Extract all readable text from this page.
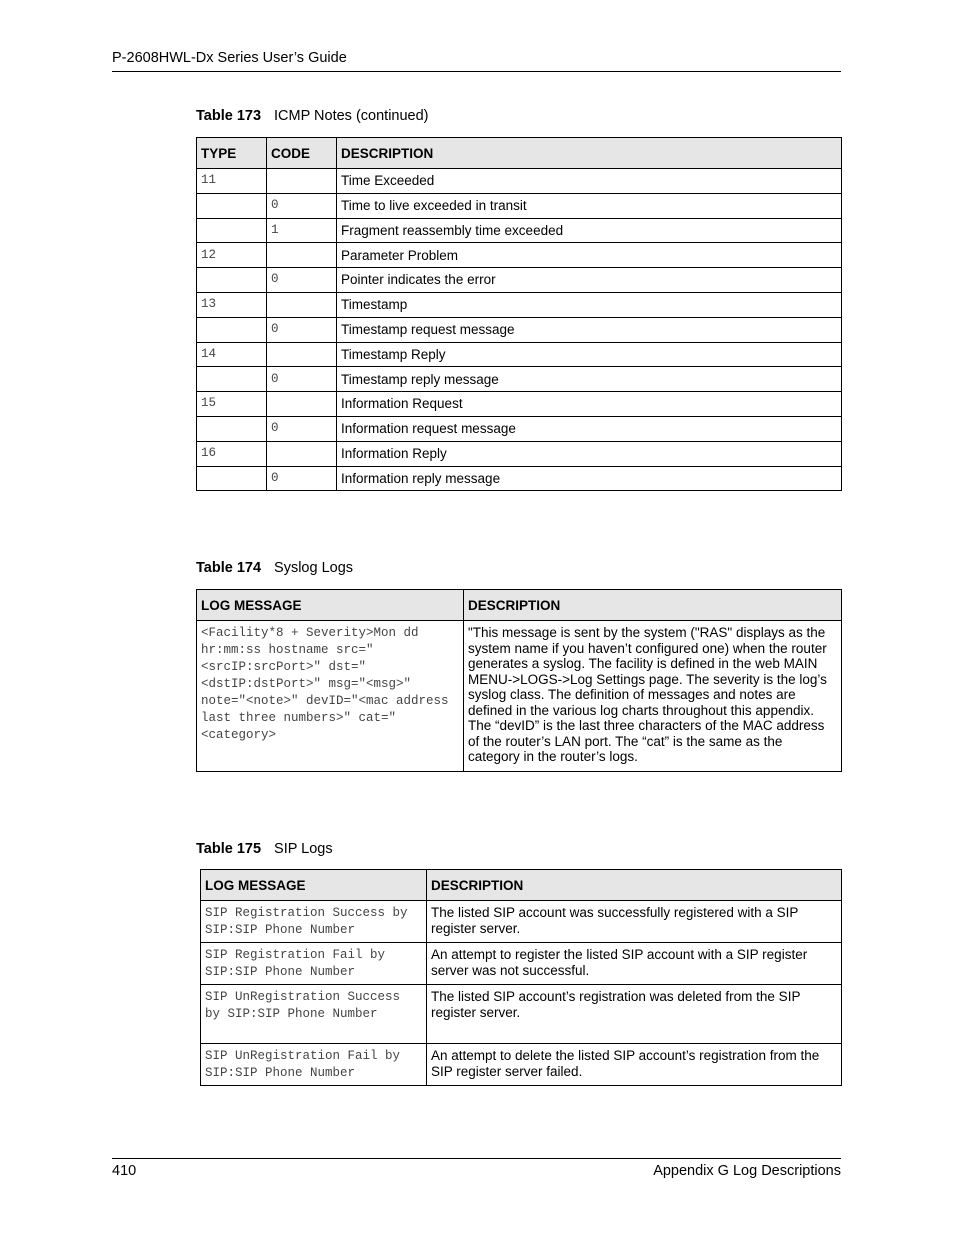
P-2608HWL-Dx Series User’s Guide
Table 173 ICMP Notes (continued)
TYPE	CODE	DESCRIPTION
11		Time Exceeded
	0	Time to live exceeded in transit
	1	Fragment reassembly time exceeded
12		Parameter Problem
	0	Pointer indicates the error
13		Timestamp
	0	Timestamp request message
14		Timestamp Reply
	0	Timestamp reply message
15		Information Request
	0	Information request message
16		Information Reply
	0	Information reply message
Table 174 Syslog Logs
LOG MESSAGE	DESCRIPTION
<Facility*8 + Severity>Mon dd hr:mm:ss hostname src="<srcIP:srcPort>" dst="<dstIP:dstPort>" msg="<msg>" note="<note>" devID="<mac address last three numbers>" cat="<category>	"This message is sent by the system ("RAS" displays as the system name if you haven’t configured one) when the router generates a syslog. The facility is defined in the web MAIN MENU->LOGS->Log Settings page. The severity is the log’s syslog class. The definition of messages and notes are defined in the various log charts throughout this appendix. The “devID” is the last three characters of the MAC address of the router’s LAN port. The “cat” is the same as the category in the router’s logs.
Table 175 SIP Logs
LOG MESSAGE	DESCRIPTION
SIP Registration Success by SIP:SIP Phone Number	The listed SIP account was successfully registered with a SIP register server.
SIP Registration Fail by SIP:SIP Phone Number	An attempt to register the listed SIP account with a SIP register server was not successful.
SIP UnRegistration Success by SIP:SIP Phone Number	The listed SIP account’s registration was deleted from the SIP register server.
SIP UnRegistration Fail by SIP:SIP Phone Number	An attempt to delete the listed SIP account’s registration from the SIP register server failed.
410	Appendix G Log Descriptions
